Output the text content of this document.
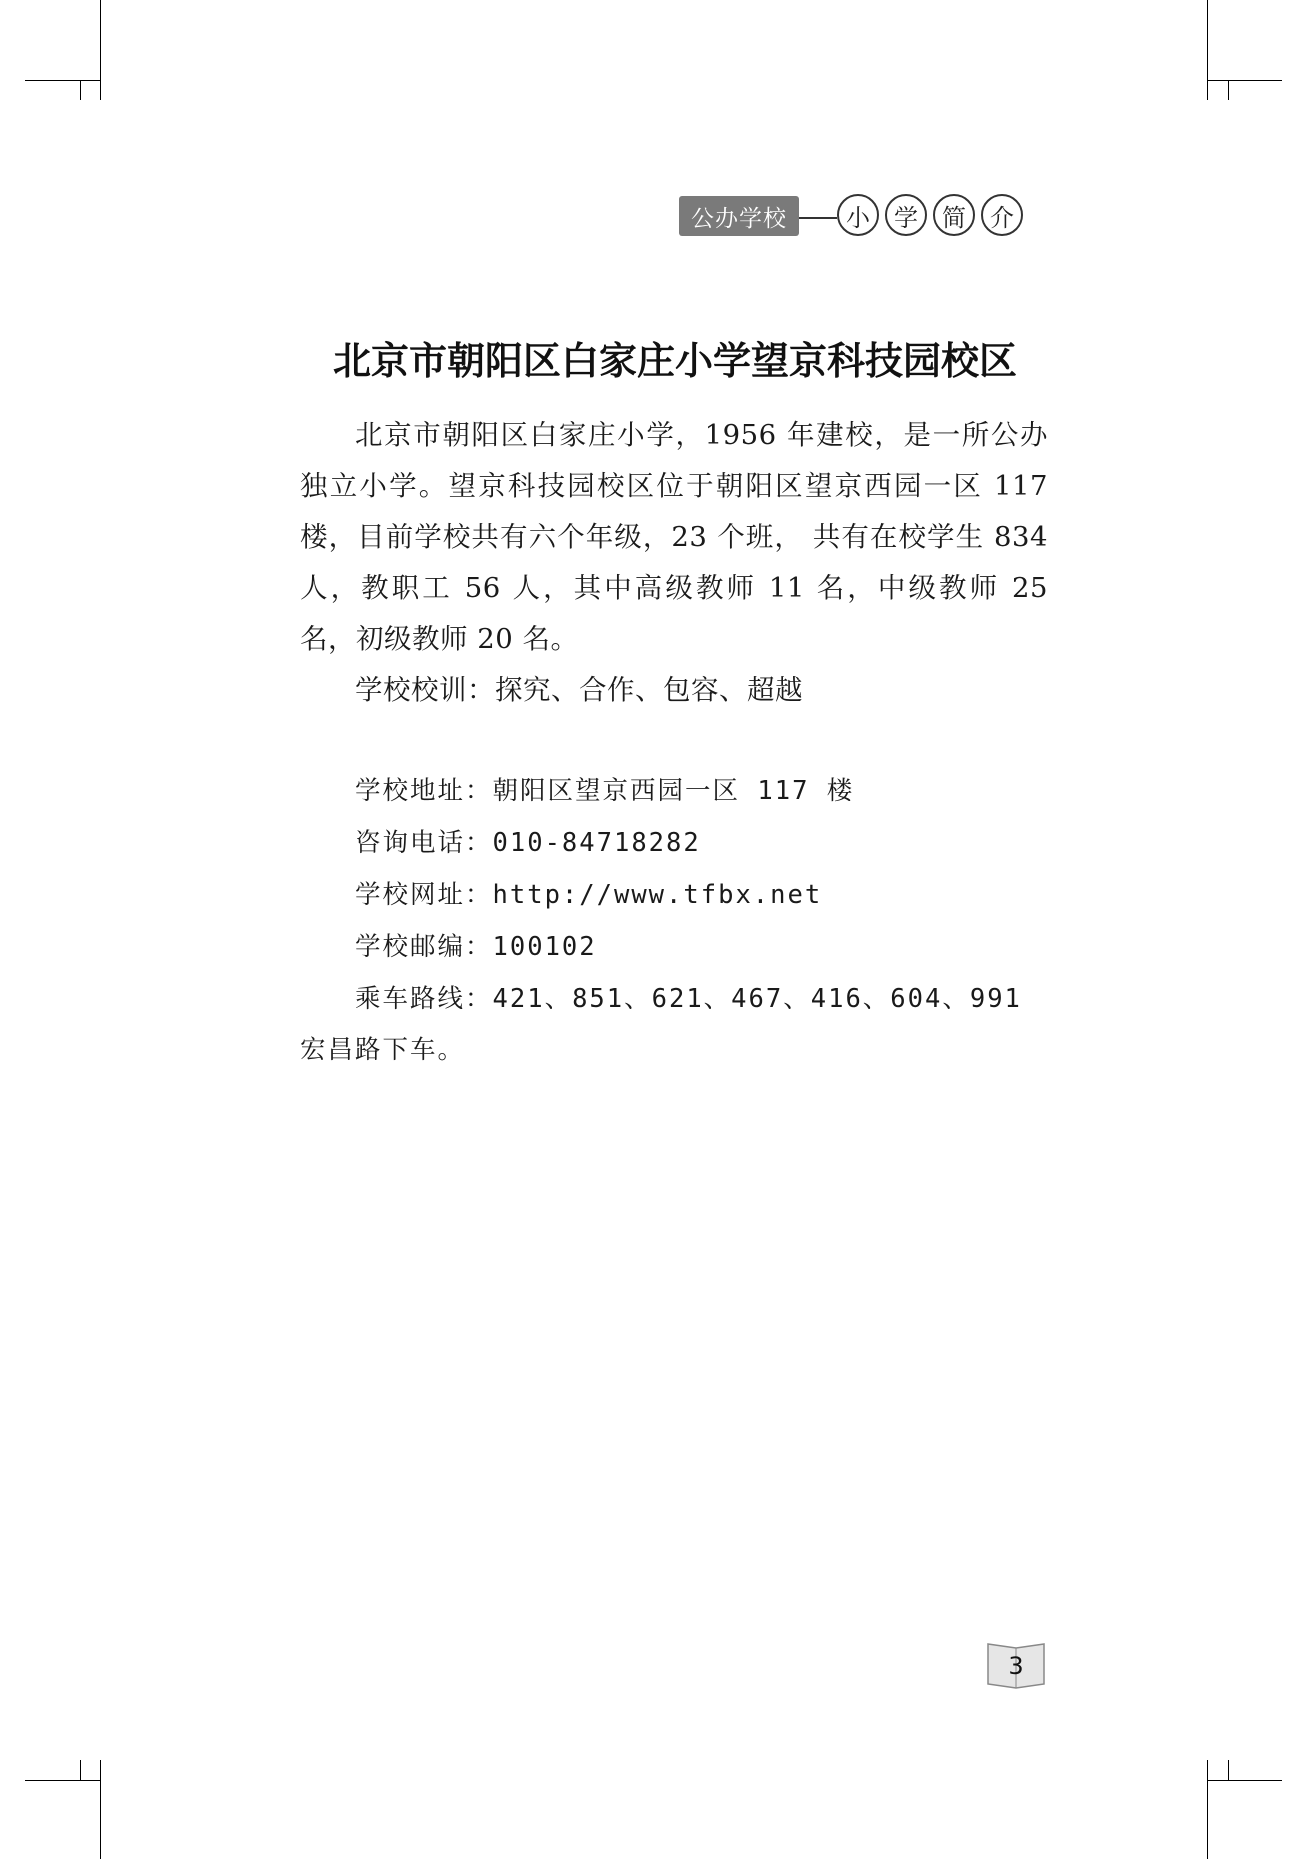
公办学校	小	学	简	介
北京市朝阳区白家庄小学望京科技园校区

北京市朝阳区白家庄小学，1956 年建校，是一所公办独立小学。望京科技园校区位于朝阳区望京西园一区 117 楼，目前学校共有六个年级，23 个班， 共有在校学生 834 人，教职工 56 人，其中高级教师 11 名，中级教师 25 名，初级教师 20 名。

学校校训：探究、合作、包容、超越

学校地址：朝阳区望京西园一区 117 楼

咨询电话：010-84718282

学校网址：http://www.tfbx.net

学校邮编：100102

乘车路线：421、851、621、467、416、604、991

宏昌路下车。

3
